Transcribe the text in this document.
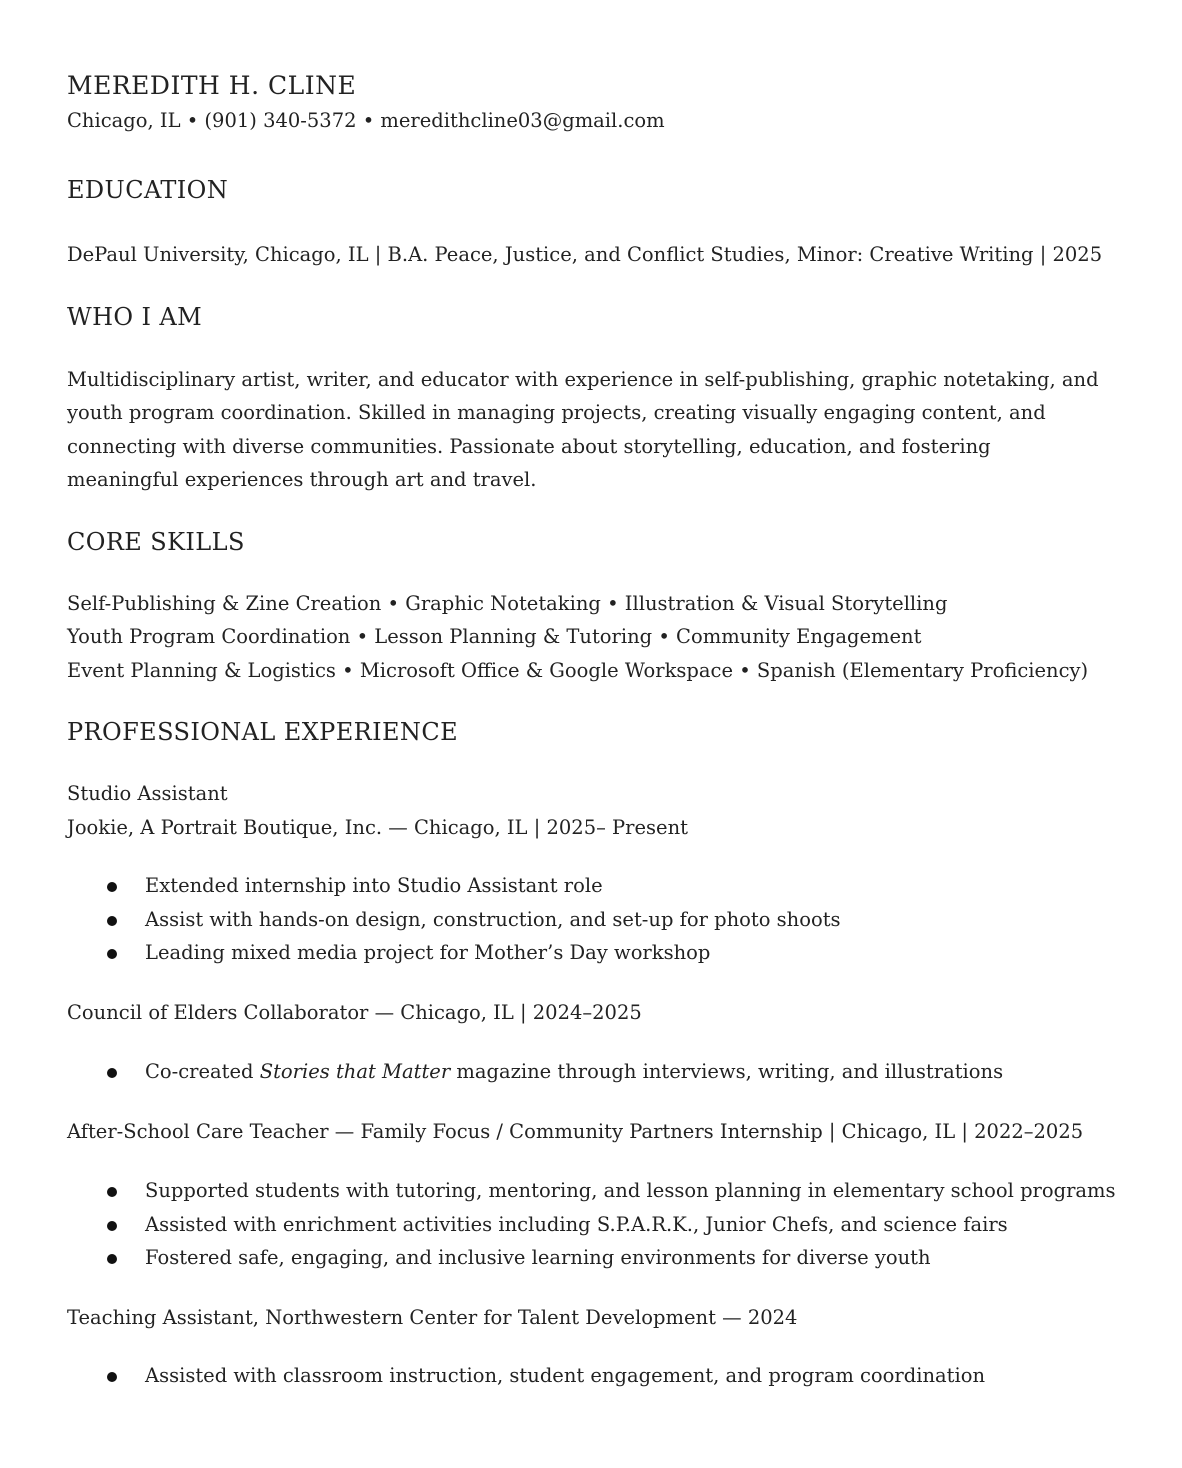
MEREDITH H. CLINE
Chicago, IL • (901) 340-5372 • meredithcline03@gmail.com
EDUCATION

DePaul University, Chicago, IL | B.A. Peace, Justice, and Conflict Studies, Minor: Creative Writing | 2025

WHO I AM

Multidisciplinary artist, writer, and educator with experience in self-publishing, graphic notetaking, and youth program coordination. Skilled in managing projects, creating visually engaging content, and connecting with diverse communities. Passionate about storytelling, education, and fostering meaningful experiences through art and travel.

CORE SKILLS
Self-Publishing & Zine Creation • Graphic Notetaking • Illustration & Visual Storytelling
Youth Program Coordination • Lesson Planning & Tutoring • Community Engagement
Event Planning & Logistics • Microsoft Office & Google Workspace • Spanish (Elementary Proficiency)
PROFESSIONAL EXPERIENCE
Studio Assistant
Jookie, A Portrait Boutique, Inc. — Chicago, IL | 2025– Present
Extended internship into Studio Assistant role
Assist with hands-on design, construction, and set-up for photo shoots
Leading mixed media project for Mother’s Day workshop
Council of Elders Collaborator — Chicago, IL | 2024–2025
Co-created Stories that Matter magazine through interviews, writing, and illustrations
After-School Care Teacher — Family Focus / Community Partners Internship | Chicago, IL | 2022–2025
Supported students with tutoring, mentoring, and lesson planning in elementary school programs
Assisted with enrichment activities including S.P.A.R.K., Junior Chefs, and science fairs
Fostered safe, engaging, and inclusive learning environments for diverse youth
Teaching Assistant, Northwestern Center for Talent Development — 2024
Assisted with classroom instruction, student engagement, and program coordination
